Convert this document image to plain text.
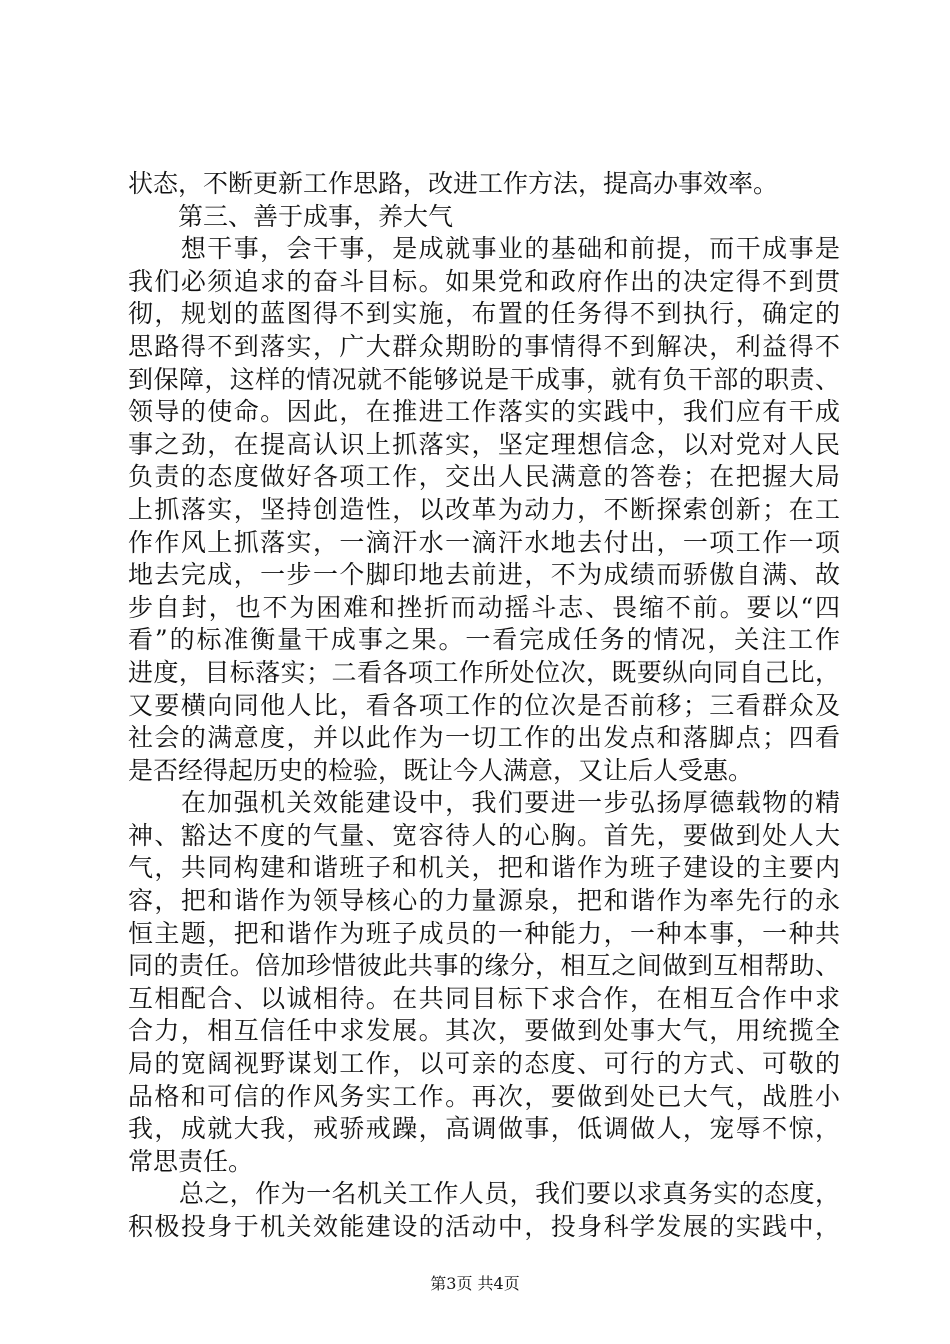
状态，不断更新工作思路，改进工作方法，提高办事效率。
　　第三、善于成事，养大气
　　想干事，会干事，是成就事业的基础和前提，而干成事是
我们必须追求的奋斗目标。如果党和政府作出的决定得不到贯
彻，规划的蓝图得不到实施，布置的任务得不到执行，确定的
思路得不到落实，广大群众期盼的事情得不到解决，利益得不
到保障，这样的情况就不能够说是干成事，就有负干部的职责、
领导的使命。因此，在推进工作落实的实践中，我们应有干成
事之劲，在提高认识上抓落实，坚定理想信念，以对党对人民
负责的态度做好各项工作，交出人民满意的答卷；在把握大局
上抓落实，坚持创造性，以改革为动力，不断探索创新；在工
作作风上抓落实，一滴汗水一滴汗水地去付出，一项工作一项
地去完成，一步一个脚印地去前进，不为成绩而骄傲自满、故
步自封，也不为困难和挫折而动摇斗志、畏缩不前。要以“四
看”的标准衡量干成事之果。一看完成任务的情况，关注工作
进度，目标落实；二看各项工作所处位次，既要纵向同自己比，
又要横向同他人比，看各项工作的位次是否前移；三看群众及
社会的满意度，并以此作为一切工作的出发点和落脚点；四看
是否经得起历史的检验，既让今人满意，又让后人受惠。
　　在加强机关效能建设中，我们要进一步弘扬厚德载物的精
神、豁达不度的气量、宽容待人的心胸。首先，要做到处人大
气，共同构建和谐班子和机关，把和谐作为班子建设的主要内
容，把和谐作为领导核心的力量源泉，把和谐作为率先行的永
恒主题，把和谐作为班子成员的一种能力，一种本事，一种共
同的责任。倍加珍惜彼此共事的缘分，相互之间做到互相帮助、
互相配合、以诚相待。在共同目标下求合作，在相互合作中求
合力，相互信任中求发展。其次，要做到处事大气，用统揽全
局的宽阔视野谋划工作，以可亲的态度、可行的方式、可敬的
品格和可信的作风务实工作。再次，要做到处已大气，战胜小
我，成就大我，戒骄戒躁，高调做事，低调做人，宠辱不惊，
常思责任。
　　总之，作为一名机关工作人员，我们要以求真务实的态度，
积极投身于机关效能建设的活动中，投身科学发展的实践中，
第3页 共4页
